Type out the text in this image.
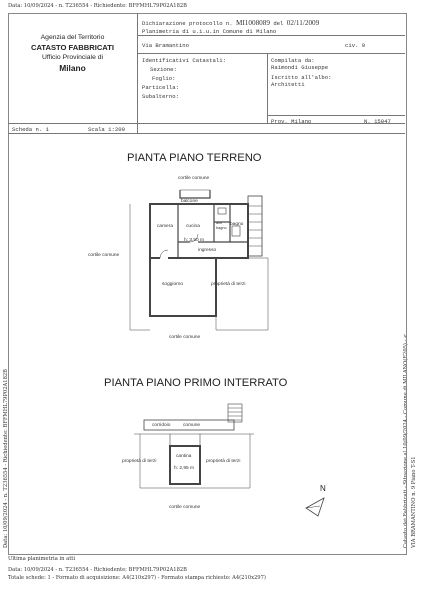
Data: 10/09/2024 - n. T236554 - Richiedente: BFFMHL79P02A182B
Data: 10/09/2024 - n. T236554 - Richiedente: BFFMHL79P02A182B	Catasto dei Fabbricati - Situazione al 10/09/2024 - Comune di MILANO(F205) - < VIA BRAMANTINO n. 9 Piano T-S1
Agenzia del Territorio
CATASTO FABBRICATI
Ufficio Provinciale di
Milano
Dichiarazione protocollo n. MI1008089 del 02/11/2009
Planimetria di u.i.u.in Comune di Milano
Via Bramantino	civ. 9
Identificativi Catastali:
Sezione:
Foglio:
Particella:
Subalterno:
Compilata da:
Raimondi Giuseppe
Iscritto all'albo:
Architetti
Prov. Milano	N. 15047
Scheda n. 1	Scala 1:200
PIANTA PIANO TERRENO
cortile comune
balcone
camera	cucina
h: 3,50 m
anti bagno
bagno
ingresso
cortile comune
soggiorno	proprietà di terzi
cortile comune
PIANTA PIANO PRIMO INTERRATO
corridoio	comune
cantina
h: 2,95 m
proprietà di terzi	proprietà di terzi
cortile comune
N
Ultima planimetria in atti
Data: 10/09/2024 - n. T236554 - Richiedente: BFFMHL79P02A182B
Totale schede: 1 - Formato di acquisizione: A4(210x297) - Formato stampa richiesto: A4(210x297)
